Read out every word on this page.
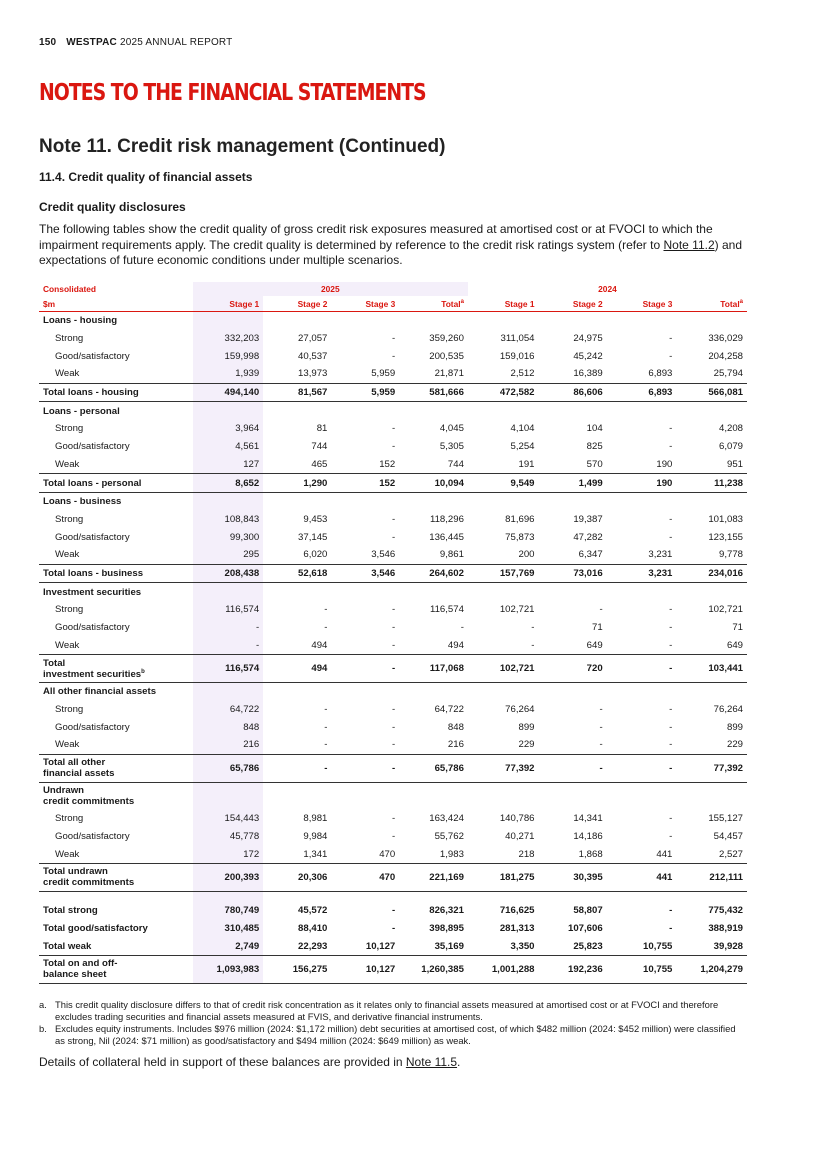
150 WESTPAC 2025 ANNUAL REPORT
NOTES TO THE FINANCIAL STATEMENTS
Note 11. Credit risk management (Continued)
11.4. Credit quality of financial assets
Credit quality disclosures
The following tables show the credit quality of gross credit risk exposures measured at amortised cost or at FVOCI to which the impairment requirements apply. The credit quality is determined by reference to the credit risk ratings system (refer to Note 11.2) and expectations of future economic conditions under multiple scenarios.
Consolidated	2025				2024			
$m	Stage 1	Stage 2	Stage 3	Total$^a$	Stage 1	Stage 2	Stage 3	Total$^a$
Loans - housing								
Strong	332,203	27,057	-	359,260	311,054	24,975	-	336,029
Good/satisfactory	159,998	40,537	-	200,535	159,016	45,242	-	204,258
Weak	1,939	13,973	5,959	21,871	2,512	16,389	6,893	25,794
Total loans - housing	494,140	81,567	5,959	581,666	472,582	86,606	6,893	566,081
Loans - personal								
Strong	3,964	81	-	4,045	4,104	104	-	4,208
Good/satisfactory	4,561	744	-	5,305	5,254	825	-	6,079
Weak	127	465	152	744	191	570	190	951
Total loans - personal	8,652	1,290	152	10,094	9,549	1,499	190	11,238
Loans - business								
Strong	108,843	9,453	-	118,296	81,696	19,387	-	101,083
Good/satisfactory	99,300	37,145	-	136,445	75,873	47,282	-	123,155
Weak	295	6,020	3,546	9,861	200	6,347	3,231	9,778
Total loans - business	208,438	52,618	3,546	264,602	157,769	73,016	3,231	234,016
Investment securities								
Strong	116,574	-	-	116,574	102,721	-	-	102,721
Good/satisfactory	-	-	-	-	-	71	-	71
Weak	-	494	-	494	-	649	-	649
Total
investment securities$^b$	116,574	494	-	117,068	102,721	720	-	103,441
All other financial assets								
Strong	64,722	-	-	64,722	76,264	-	-	76,264
Good/satisfactory	848	-	-	848	899	-	-	899
Weak	216	-	-	216	229	-	-	229
Total all other
financial assets	65,786	-	-	65,786	77,392	-	-	77,392
Undrawn
credit commitments								
Strong	154,443	8,981	-	163,424	140,786	14,341	-	155,127
Good/satisfactory	45,778	9,984	-	55,762	40,271	14,186	-	54,457
Weak	172	1,341	470	1,983	218	1,868	441	2,527
Total undrawn
credit commitments	200,393	20,306	470	221,169	181,275	30,395	441	212,111

Total strong	780,749	45,572	-	826,321	716,625	58,807	-	775,432
Total good/satisfactory	310,485	88,410	-	398,895	281,313	107,606	-	388,919
Total weak	2,749	22,293	10,127	35,169	3,350	25,823	10,755	39,928
Total on and off-
balance sheet	1,093,983	156,275	10,127	1,260,385	1,001,288	192,236	10,755	1,204,279
a. This credit quality disclosure differs to that of credit risk concentration as it relates only to financial assets measured at amortised cost or at FVOCI and therefore excludes trading securities and financial assets measured at FVIS, and derivative financial instruments.
b. Excludes equity instruments. Includes $976 million (2024: $1,172 million) debt securities at amortised cost, of which $482 million (2024: $452 million) were classified as strong, Nil (2024: $71 million) as good/satisfactory and $494 million (2024: $649 million) as weak.
Details of collateral held in support of these balances are provided in Note 11.5.
